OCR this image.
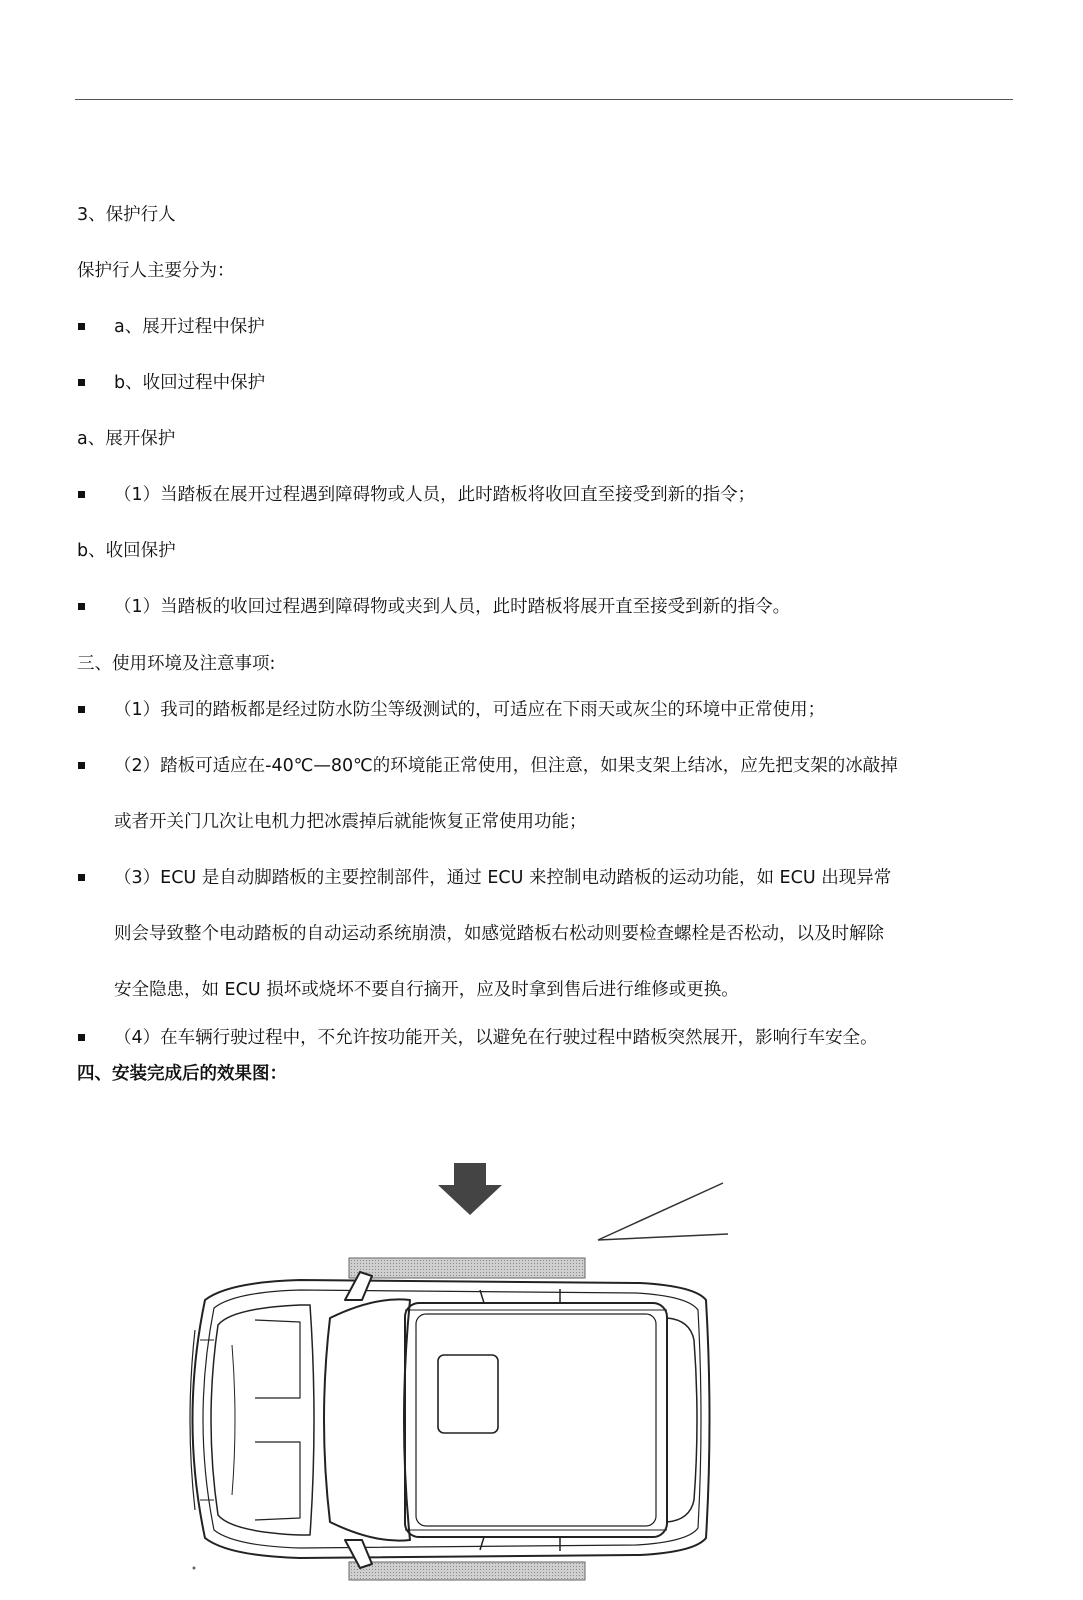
3、保护行人
保护行人主要分为：
a、展开过程中保护
b、收回过程中保护
a、展开保护
（1）当踏板在展开过程遇到障碍物或人员，此时踏板将收回直至接受到新的指令；
b、收回保护
（1）当踏板的收回过程遇到障碍物或夹到人员，此时踏板将展开直至接受到新的指令。
三、使用环境及注意事项:
（1）我司的踏板都是经过防水防尘等级测试的，可适应在下雨天或灰尘的环境中正常使用；
（2）踏板可适应在-40℃—80℃的环境能正常使用，但注意，如果支架上结冰，应先把支架的冰敲掉
或者开关门几次让电机力把冰震掉后就能恢复正常使用功能；
（3）ECU 是自动脚踏板的主要控制部件，通过 ECU 来控制电动踏板的运动功能，如 ECU 出现异常
则会导致整个电动踏板的自动运动系统崩溃，如感觉踏板右松动则要检查螺栓是否松动，以及时解除
安全隐患，如 ECU 损坏或烧坏不要自行摘开，应及时拿到售后进行维修或更换。
（4）在车辆行驶过程中，不允许按功能开关，以避免在行驶过程中踏板突然展开，影响行车安全。
四、安装完成后的效果图：
